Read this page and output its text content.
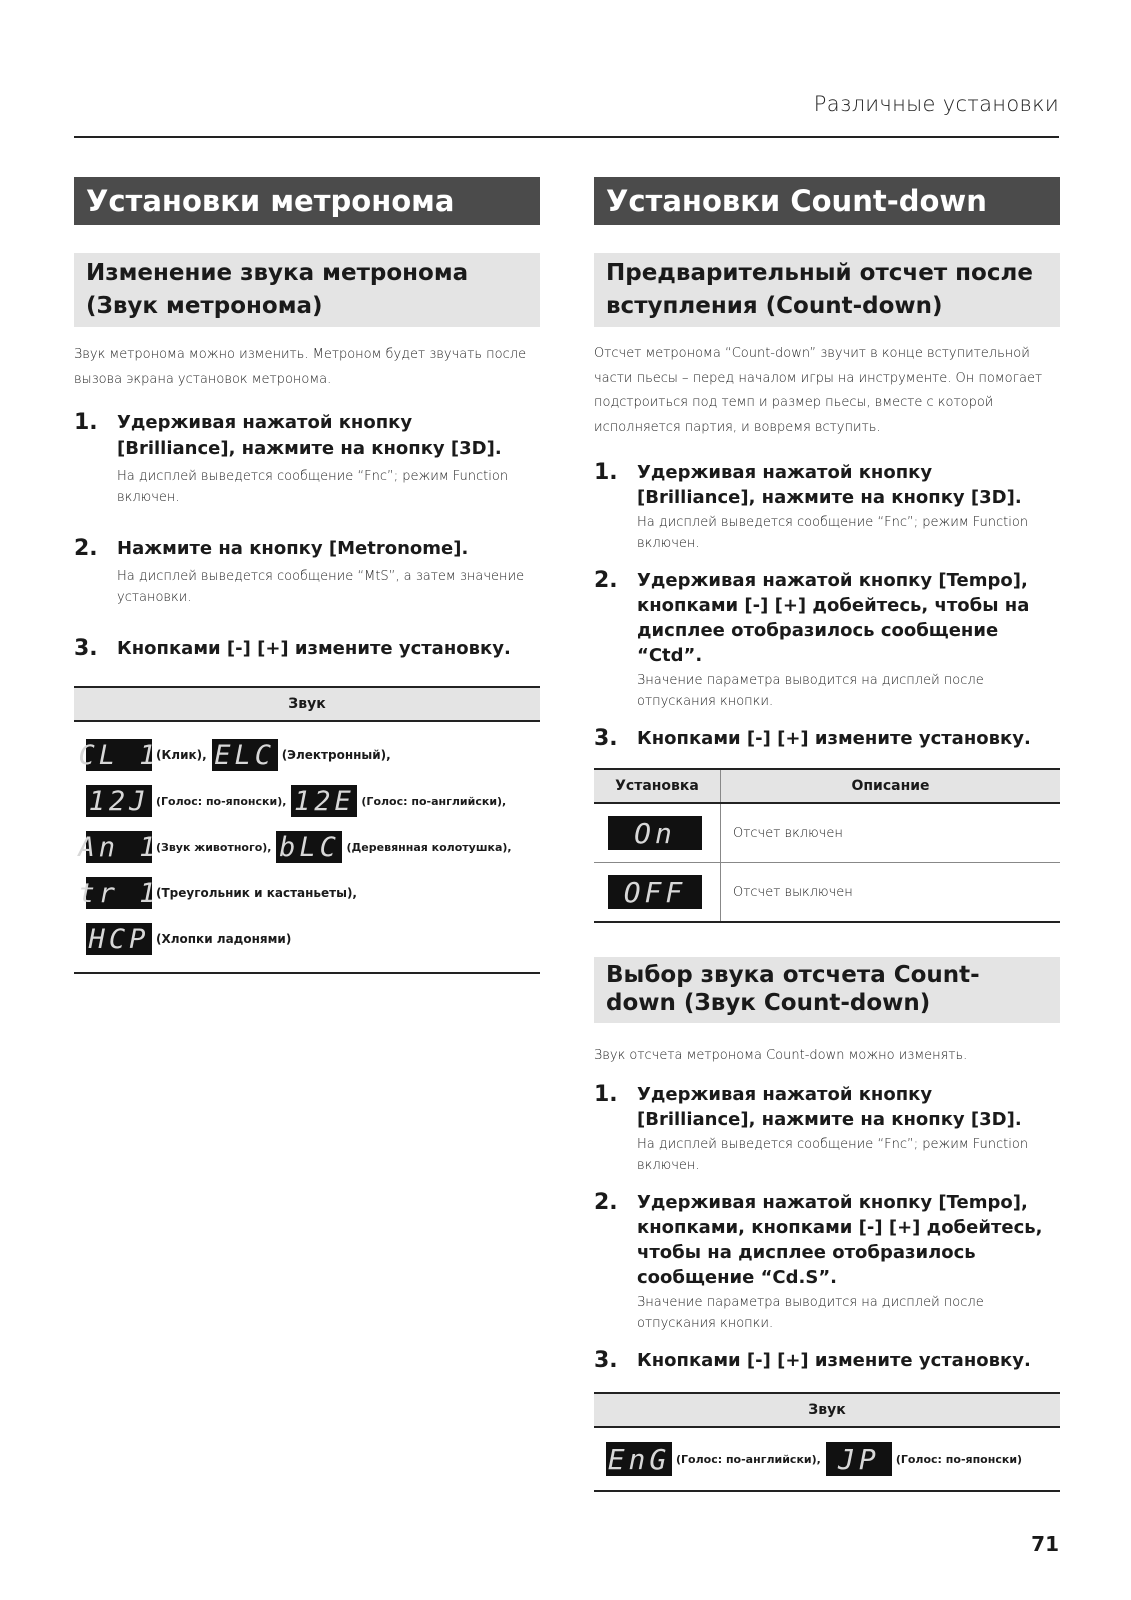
Различные установки
Установки метронома
Изменение звука метронома
(Звук метронома)

Звук метронома можно изменить. Метроном будет звучать после вызова экрана установок метронома.

1.	Удерживая нажатой кнопку
[Brilliance], нажмите на кнопку [3D].
На дисплей выведется сообщение “Fnc”; режим Function включен.
2.	Нажмите на кнопку [Metronome].
На дисплей выведется сообщение “MtS”, а затем значение установки.
3.	Кнопками [-] [+] измените установку.
Звук

CL 1
(Клик), ELC (Электронный),
12J (Голос: по-японски), 12E (Голос: по-английски),
An 1
(Звук животного), bLC (Деревянная колотушка),
tr 1
(Треугольник и кастаньеты),
HCP (Хлопки ладонями)
Установки Count-down
Предварительный отсчет после
вступления (Count-down)

Отсчет метронома “Count-down” звучит в конце вступительной части пьесы – перед началом игры на инструменте. Он помогает подстроиться под темп и размер пьесы, вместе с которой исполняется партия, и вовремя вступить.

1.	Удерживая нажатой кнопку
[Brilliance], нажмите на кнопку [3D].
На дисплей выведется сообщение “Fnc”; режим Function включен.
2.	Удерживая нажатой кнопку [Tempo],
кнопками [-] [+] добейтесь, чтобы на
дисплее отобразилось сообщение “Ctd”.
Значение параметра выводится на дисплей после отпускания кнопки.
3.	Кнопками [-] [+] измените установку.
Установка	Описание
On	Отсчет включен
OFF	Отсчет выключен
Выбор звука отсчета Count-
down (Звук Count-down)

Звук отсчета метронома Count-down можно изменять.

1.	Удерживая нажатой кнопку
[Brilliance], нажмите на кнопку [3D].
На дисплей выведется сообщение “Fnc”; режим Function включен.
2.	Удерживая нажатой кнопку [Tempo],
кнопками, кнопками [-] [+] добейтесь,
чтобы на дисплее отобразилось
сообщение “Cd.S”.
Значение параметра выводится на дисплей после отпускания кнопки.
3.	Кнопками [-] [+] измените установку.
Звук

EnG (Голос: по-английски), JP	(Голос: по-японски)
71
